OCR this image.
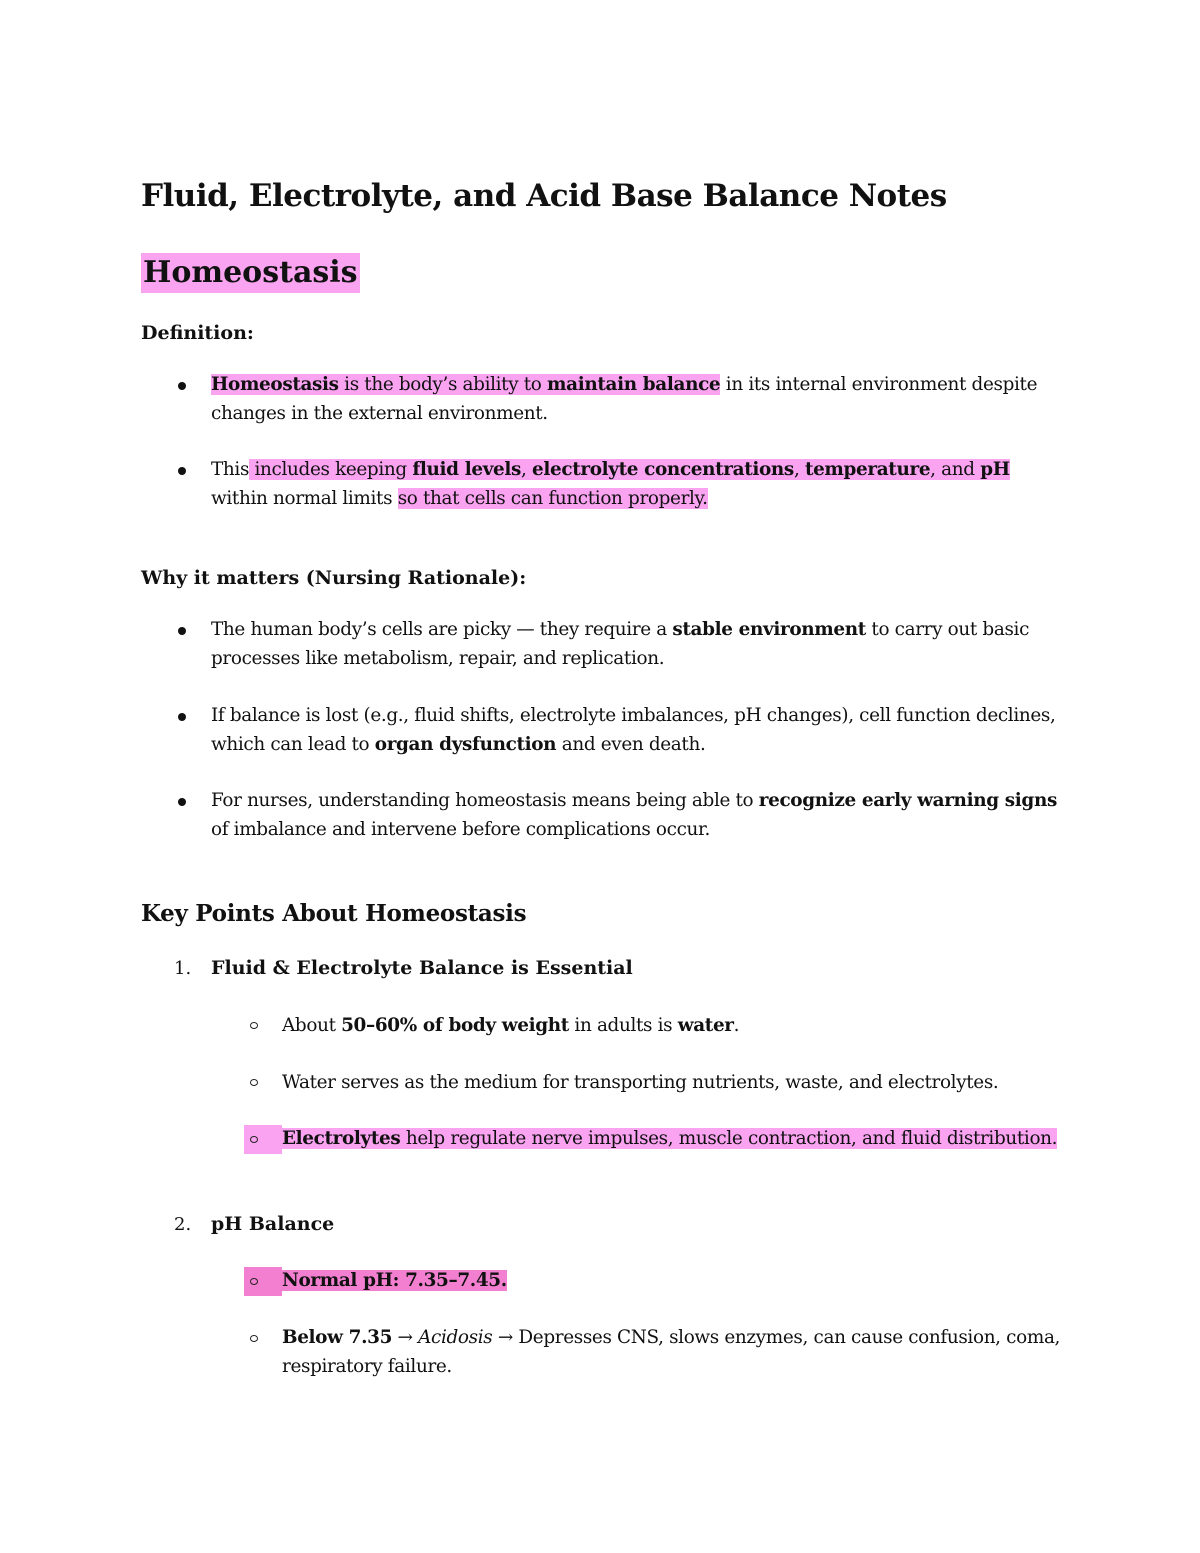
Fluid, Electrolyte, and Acid Base Balance Notes
Homeostasis

Definition:

Homeostasis is the body’s ability to maintain balance in its internal environment despite changes in the external environment.

This includes keeping fluid levels, electrolyte concentrations, temperature, and pH within normal limits so that cells can function properly.

Why it matters (Nursing Rationale):

The human body’s cells are picky — they require a stable environment to carry out basic processes like metabolism, repair, and replication.

If balance is lost (e.g., fluid shifts, electrolyte imbalances, pH changes), cell function declines, which can lead to organ dysfunction and even death.

For nurses, understanding homeostasis means being able to recognize early warning signs of imbalance and intervene before complications occur.

Key Points About Homeostasis

1. Fluid & Electrolyte Balance is Essential

About 50–60% of body weight in adults is water.

Water serves as the medium for transporting nutrients, waste, and electrolytes.

Electrolytes help regulate nerve impulses, muscle contraction, and fluid distribution.

2. pH Balance

Normal pH: 7.35–7.45.

Below 7.35 → Acidosis → Depresses CNS, slows enzymes, can cause confusion, coma, respiratory failure.
